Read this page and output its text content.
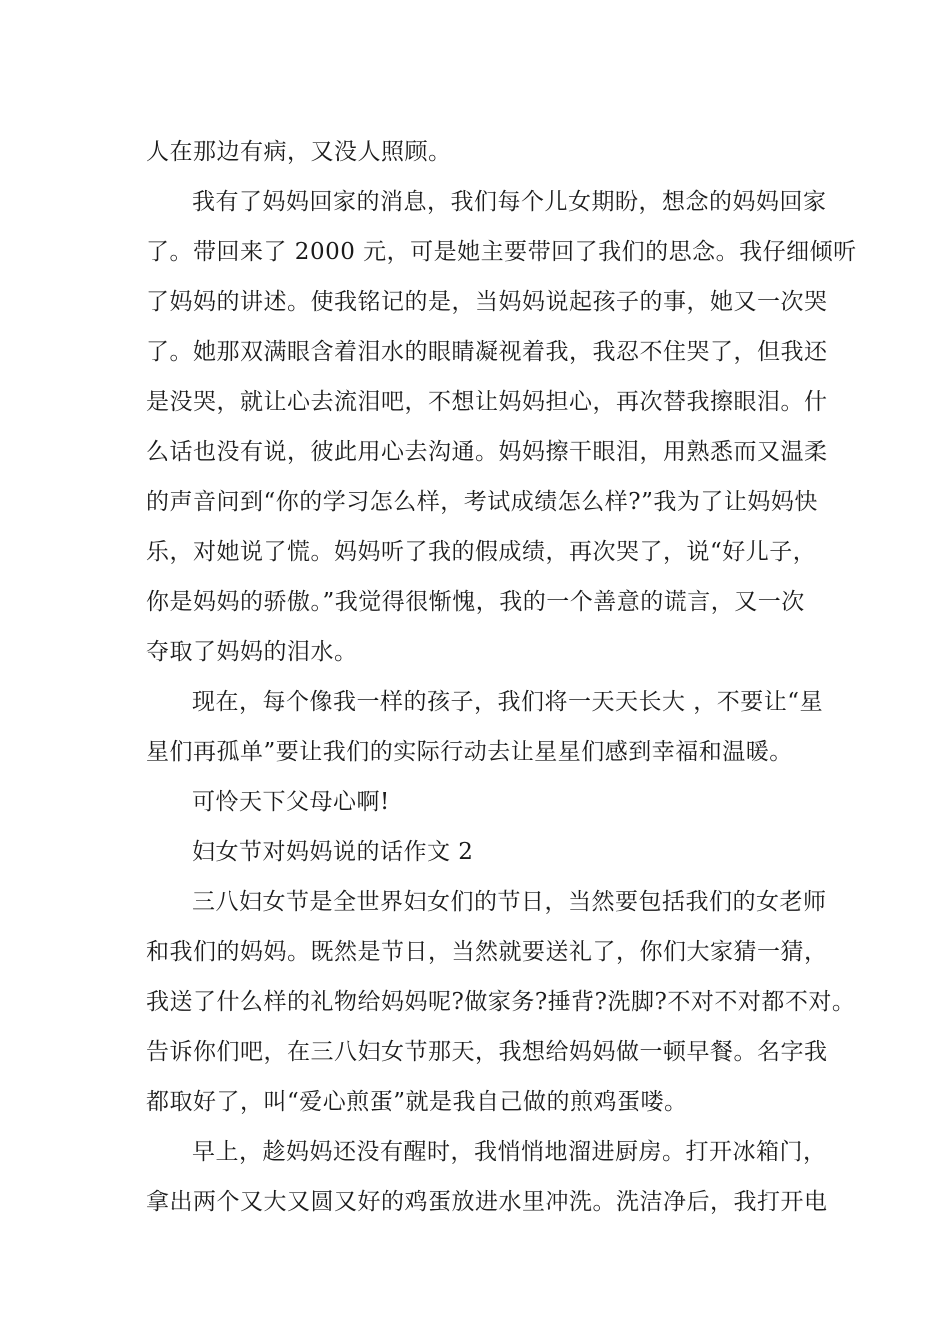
人在那边有病，又没人照顾。

我有了妈妈回家的消息，我们每个儿女期盼，想念的妈妈回家

了。带回来了 2000 元，可是她主要带回了我们的思念。我仔细倾听

了妈妈的讲述。使我铭记的是，当妈妈说起孩子的事，她又一次哭

了。她那双满眼含着泪水的眼睛凝视着我，我忍不住哭了，但我还

是没哭，就让心去流泪吧，不想让妈妈担心，再次替我擦眼泪。什

么话也没有说，彼此用心去沟通。妈妈擦干眼泪，用熟悉而又温柔

的声音问到“你的学习怎么样，考试成绩怎么样?”我为了让妈妈快

乐，对她说了慌。妈妈听了我的假成绩，再次哭了，说“好儿子，

你是妈妈的骄傲。”我觉得很惭愧，我的一个善意的谎言，又一次

夺取了妈妈的泪水。

现在，每个像我一样的孩子，我们将一天天长大 ，不要让“星

星们再孤单”要让我们的实际行动去让星星们感到幸福和温暖。

可怜天下父母心啊!

妇女节对妈妈说的话作文 2

三八妇女节是全世界妇女们的节日，当然要包括我们的女老师

和我们的妈妈。既然是节日，当然就要送礼了，你们大家猜一猜，

我送了什么样的礼物给妈妈呢?做家务?捶背?洗脚?不对不对都不对。

告诉你们吧，在三八妇女节那天，我想给妈妈做一顿早餐。名字我

都取好了，叫“爱心煎蛋”就是我自己做的煎鸡蛋喽。

早上，趁妈妈还没有醒时，我悄悄地溜进厨房。打开冰箱门，

拿出两个又大又圆又好的鸡蛋放进水里冲洗。洗洁净后，我打开电
